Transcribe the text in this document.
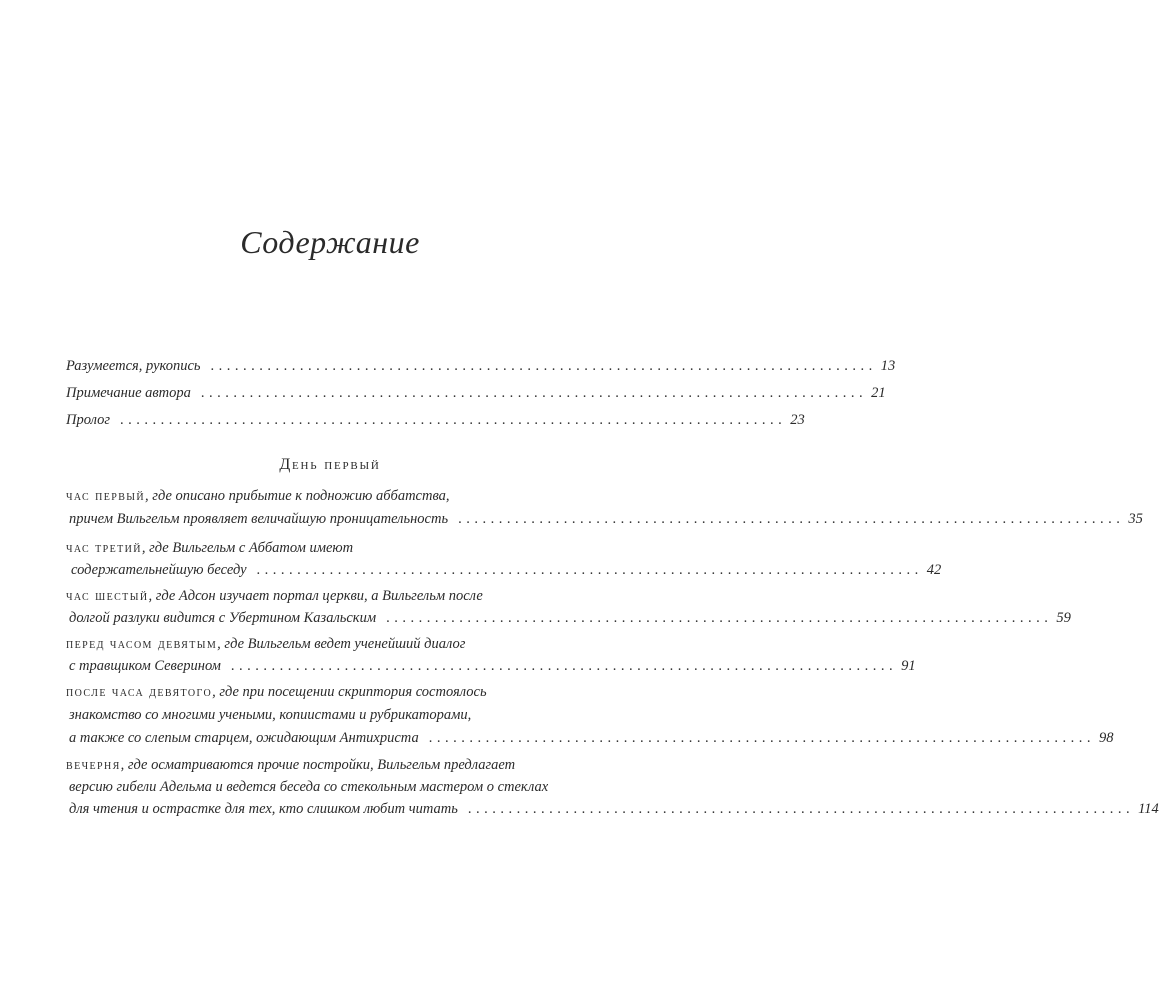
Содержание
Разумеется, рукопись .................................................................................. 13
Примечание автора .................................................................................. 21
Пролог .................................................................................. 23
День первый
час первый , где описано прибытие к подножию аббатства,
причем Вильгельм проявляет величайшую проницательность .................................................................................. 35
час третий , где Вильгельм с Аббатом имеют
содержательнейшую беседу .................................................................................. 42
час шестый , где Адсон изучает портал церкви, а Вильгельм после
долгой разлуки видится с Убертином Казальским .................................................................................. 59
перед часом девятым , где Вильгельм ведет ученейший диалог
с травщиком Северином .................................................................................. 91
после часа девятого , где при посещении скриптория состоялось
знакомство со многими учеными, копиистами и рубрикаторами,
а также со слепым старцем, ожидающим Антихриста .................................................................................. 98
вечерня , где осматриваются прочие постройки, Вильгельм предлагает
версию гибели Адельма и ведется беседа со стекольным мастером о стеклах
для чтения и острастке для тех, кто слишком любит читать .................................................................................. 114
